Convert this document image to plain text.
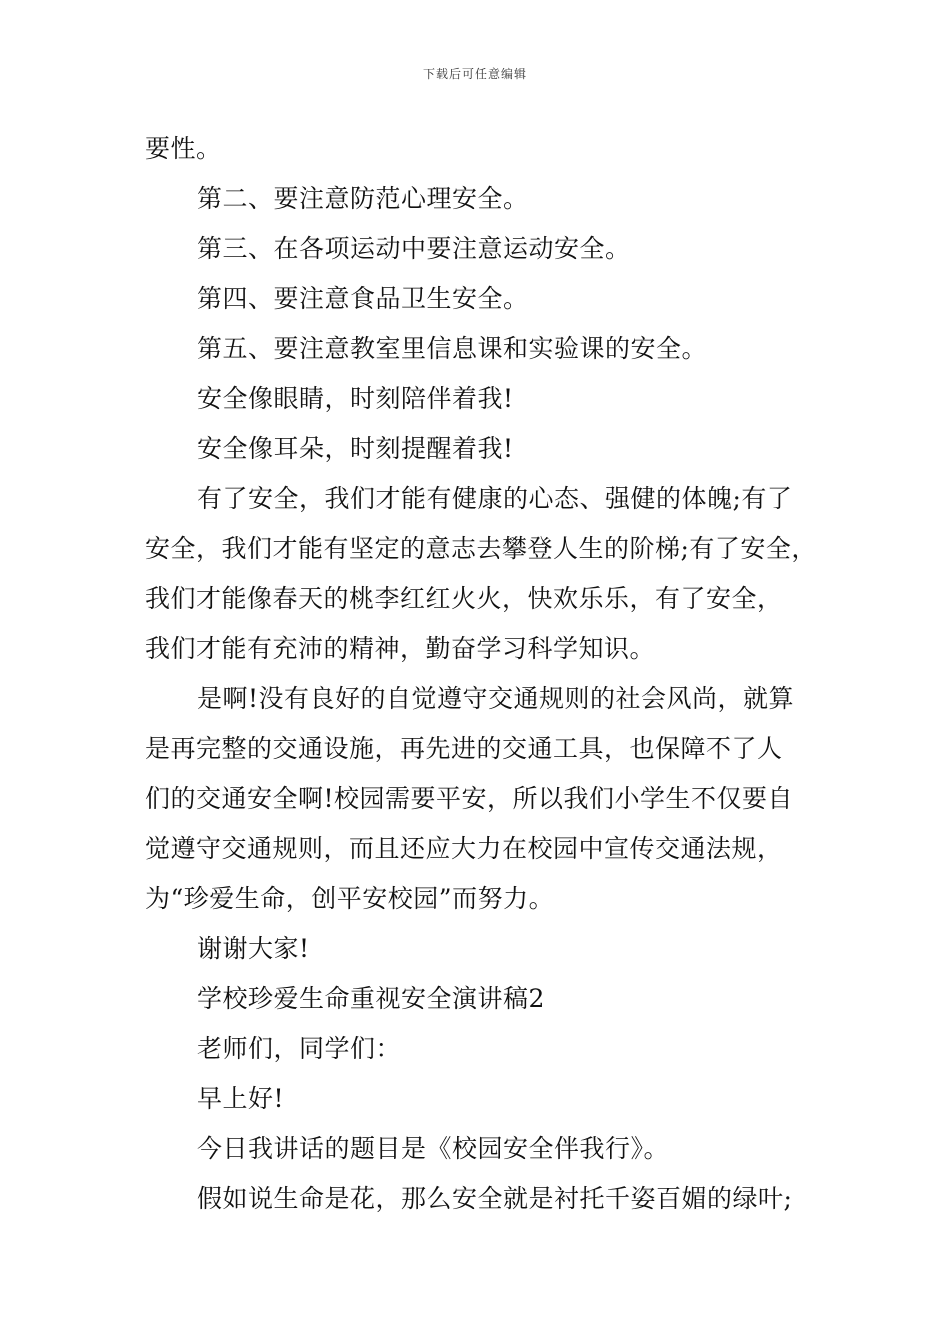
下载后可任意编辑
要性。
第二、要注意防范心理安全。
第三、在各项运动中要注意运动安全。
第四、要注意食品卫生安全。
第五、要注意教室里信息课和实验课的安全。
安全像眼睛，时刻陪伴着我!
安全像耳朵，时刻提醒着我!
有了安全，我们才能有健康的心态、强健的体魄;有了
安全，我们才能有坚定的意志去攀登人生的阶梯;有了安全，
我们才能像春天的桃李红红火火，快欢乐乐，有了安全，
我们才能有充沛的精神，勤奋学习科学知识。
是啊!没有良好的自觉遵守交通规则的社会风尚，就算
是再完整的交通设施，再先进的交通工具，也保障不了人
们的交通安全啊!校园需要平安，所以我们小学生不仅要自
觉遵守交通规则，而且还应大力在校园中宣传交通法规，
为“珍爱生命，创平安校园”而努力。
谢谢大家!
学校珍爱生命重视安全演讲稿2
老师们，同学们：
早上好!
今日我讲话的题目是《校园安全伴我行》。
假如说生命是花，那么安全就是衬托千姿百媚的绿叶;
